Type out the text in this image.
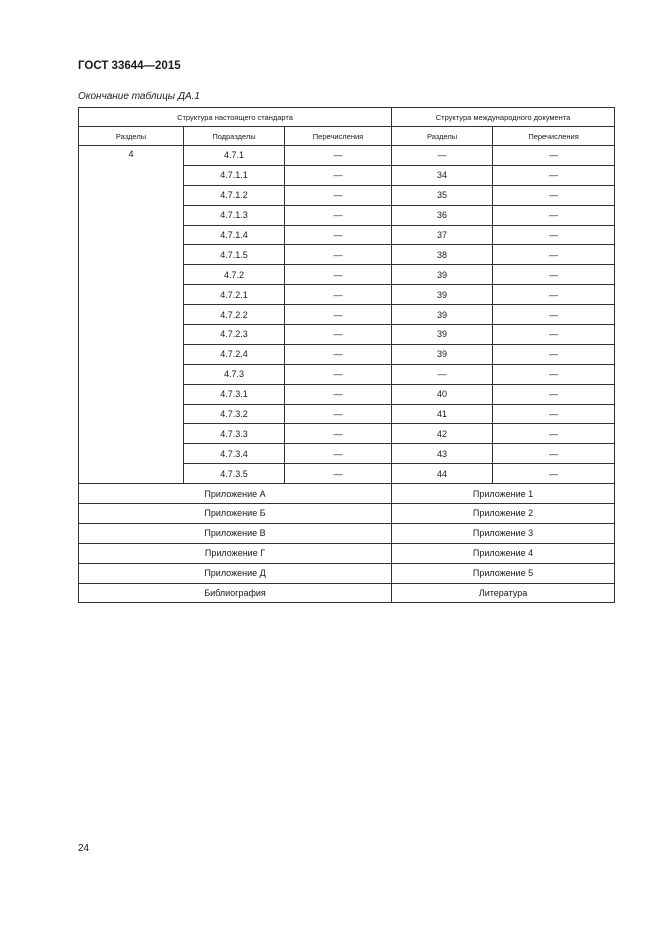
ГОСТ 33644—2015
Окончание таблицы ДА.1
Структура настоящего стандарта			Структура международного документа	
Разделы	Подразделы	Перечисления	Разделы	Перечисления
4	4.7.1	—	—	—
	4.7.1.1	—	34	—
	4.7.1.2	—	35	—
	4.7.1.3	—	36	—
	4.7.1.4	—	37	—
	4.7.1.5	—	38	—
	4.7.2	—	39	—
	4.7.2.1	—	39	—
	4.7.2.2	—	39	—
	4.7.2.3	—	39	—
	4.7.2.4	—	39	—
	4.7.3	—	—	—
	4.7.3.1	—	40	—
	4.7.3.2	—	41	—
	4.7.3.3	—	42	—
	4.7.3.4	—	43	—
	4.7.3.5	—	44	—
Приложение А			Приложение 1	
Приложение Б			Приложение 2	
Приложение В			Приложение 3	
Приложение Г			Приложение 4	
Приложение Д			Приложение 5	
Библиография			Литература	
24
